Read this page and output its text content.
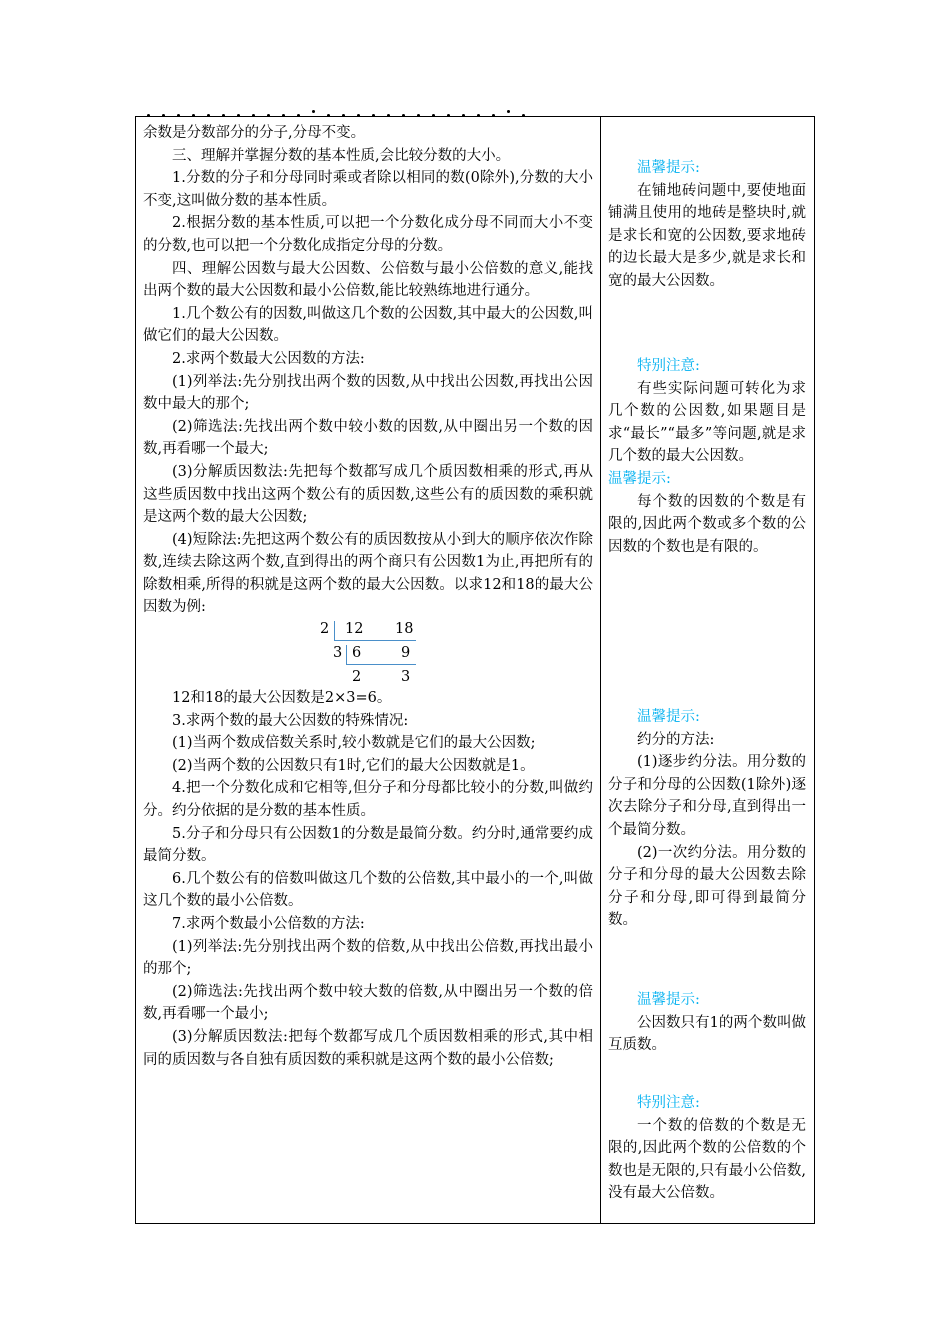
余数是分数部分的分子,分母不变。

三、理解并掌握分数的基本性质,会比较分数的大小。

1.分数的分子和分母同时乘或者除以相同的数(0除外),分数的大小不变,这叫做分数的基本性质。

2.根据分数的基本性质,可以把一个分数化成分母不同而大小不变的分数,也可以把一个分数化成指定分母的分数。

四、理解公因数与最大公因数、公倍数与最小公倍数的意义,能找出两个数的最大公因数和最小公倍数,能比较熟练地进行通分。

1.几个数公有的因数,叫做这几个数的公因数,其中最大的公因数,叫做它们的最大公因数。

2.求两个数最大公因数的方法:

(1)列举法:先分别找出两个数的因数,从中找出公因数,再找出公因数中最大的那个;

(2)筛选法:先找出两个数中较小数的因数,从中圈出另一个数的因数,再看哪一个最大;

(3)分解质因数法:先把每个数都写成几个质因数相乘的形式,再从这些质因数中找出这两个数公有的质因数,这些公有的质因数的乘积就是这两个数的最大公因数;

(4)短除法:先把这两个数公有的质因数按从小到大的顺序依次作除数,连续去除这两个数,直到得出的两个商只有公因数1为止,再把所有的除数相乘,所得的积就是这两个数的最大公因数。以求12和18的最大公因数为例:

2 12 18
3 6	9
2	3

12和18的最大公因数是2×3=6。

3.求两个数的最大公因数的特殊情况:

(1)当两个数成倍数关系时,较小数就是它们的最大公因数;

(2)当两个数的公因数只有1时,它们的最大公因数就是1。

4.把一个分数化成和它相等,但分子和分母都比较小的分数,叫做约分。约分依据的是分数的基本性质。

5.分子和分母只有公因数1的分数是最简分数。约分时,通常要约成最简分数。

6.几个数公有的倍数叫做这几个数的公倍数,其中最小的一个,叫做这几个数的最小公倍数。

7.求两个数最小公倍数的方法:

(1)列举法:先分别找出两个数的倍数,从中找出公倍数,再找出最小的那个;

(2)筛选法:先找出两个数中较大数的倍数,从中圈出另一个数的倍数,再看哪一个最小;

(3)分解质因数法:把每个数都写成几个质因数相乘的形式,其中相同的质因数与各自独有质因数的乘积就是这两个数的最小公倍数;

温馨提示:

在铺地砖问题中,要使地面铺满且使用的地砖是整块时,就是求长和宽的公因数,要求地砖的边长最大是多少,就是求长和宽的最大公因数。

特别注意:

有些实际问题可转化为求几个数的公因数,如果题目是求“最长”“最多”等问题,就是求几个数的最大公因数。

温馨提示:

每个数的因数的个数是有限的,因此两个数或多个数的公因数的个数也是有限的。

温馨提示:

约分的方法:

(1)逐步约分法。用分数的分子和分母的公因数(1除外)逐次去除分子和分母,直到得出一个最简分数。

(2)一次约分法。用分数的分子和分母的最大公因数去除分子和分母,即可得到最简分数。

温馨提示:

公因数只有1的两个数叫做互质数。

特别注意:

一个数的倍数的个数是无限的,因此两个数的公倍数的个数也是无限的,只有最小公倍数,没有最大公倍数。
